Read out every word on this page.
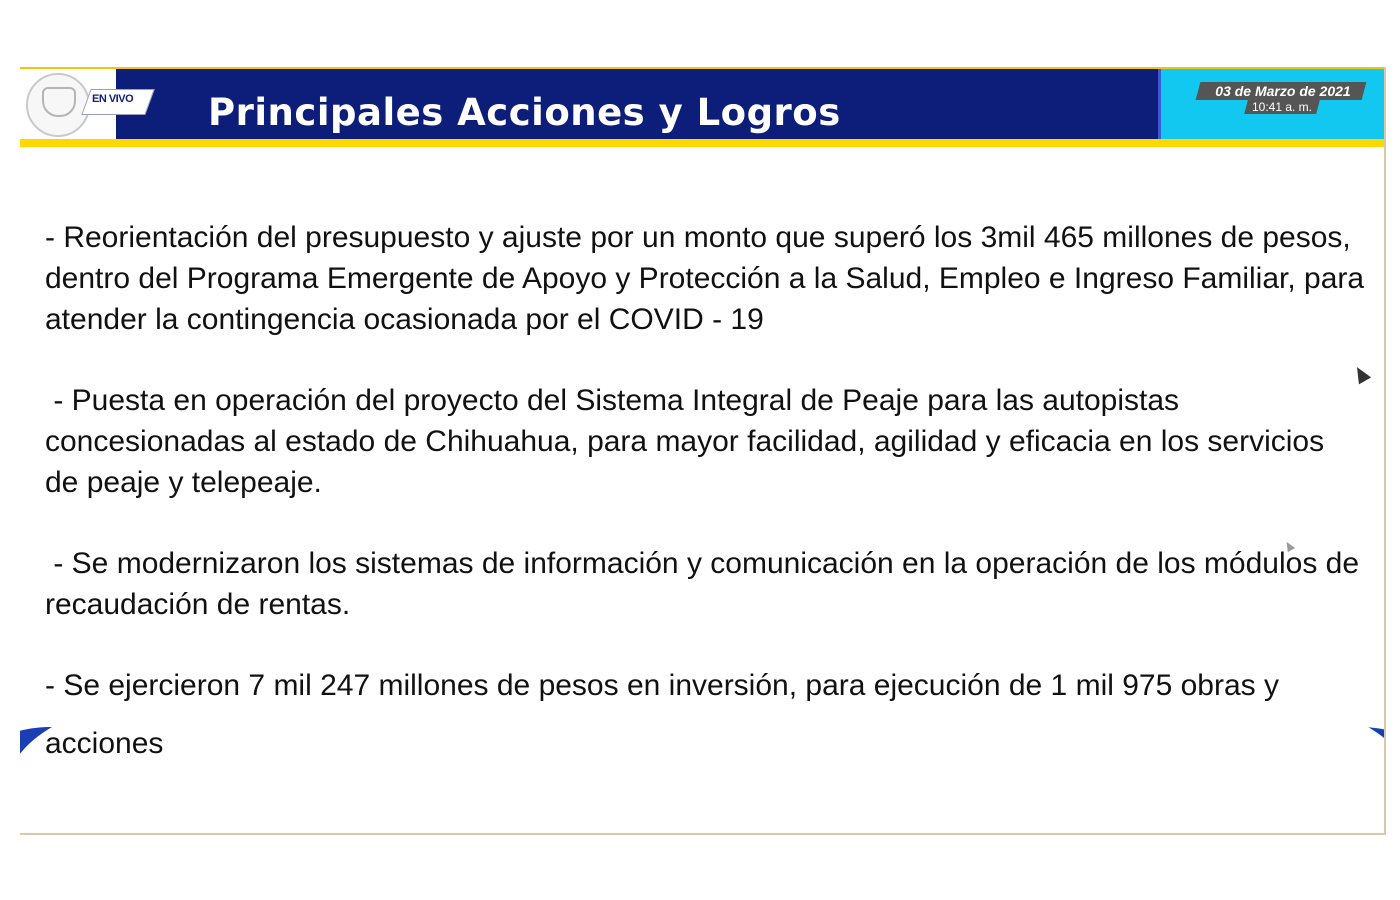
EN VIVO Principales Acciones y Logros	03 de Marzo de 2021
10:41 a. m.

- Reorientación del presupuesto y ajuste por un monto que superó los 3mil 465 millones de pesos, dentro del Programa Emergente de Apoyo y Protección a la Salud, Empleo e Ingreso Familiar, para atender la contingencia ocasionada por el COVID - 19

- Puesta en operación del proyecto del Sistema Integral de Peaje para las autopistas concesionadas al estado de Chihuahua, para mayor facilidad, agilidad y eficacia en los servicios de peaje y telepeaje.

- Se modernizaron los sistemas de información y comunicación en la operación de los módulos de recaudación de rentas.

- Se ejercieron 7 mil 247 millones de pesos en inversión, para ejecución de 1 mil 975 obras y acciones
